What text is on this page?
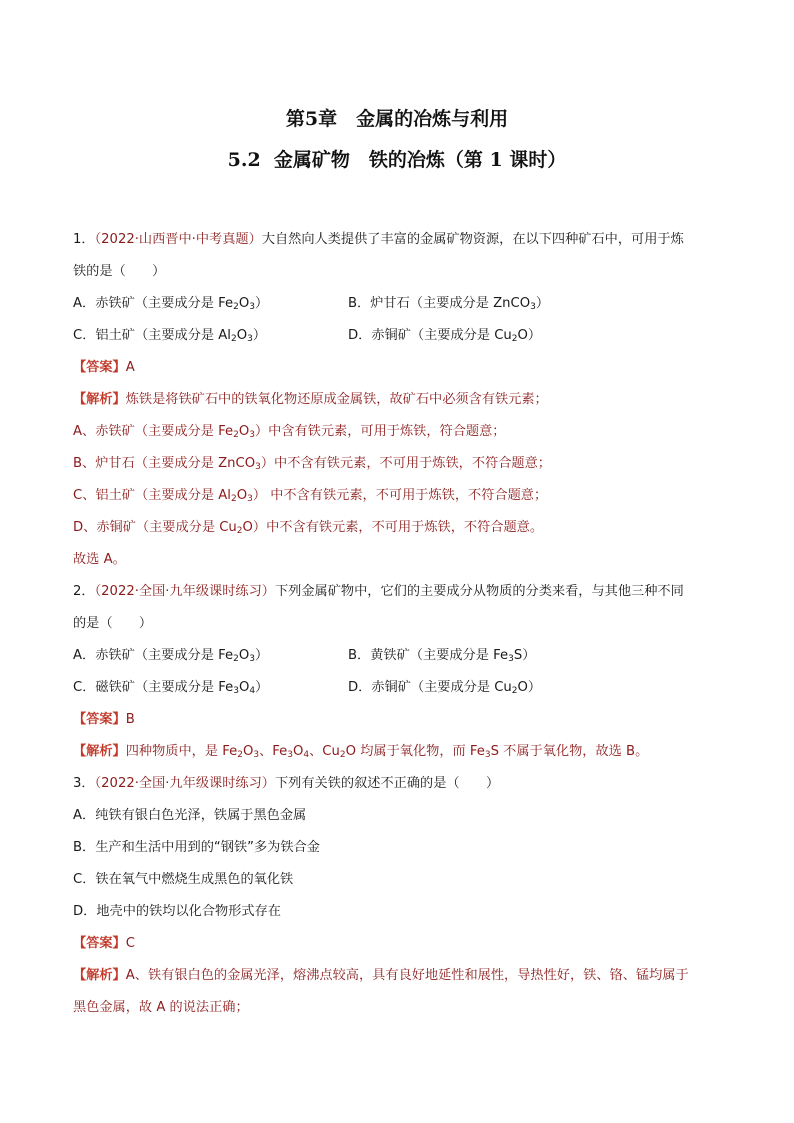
第5章　金属的冶炼与利用
5.2  金属矿物　铁的冶炼（第 1 课时）
1．（2022·山西晋中·中考真题）大自然向人类提供了丰富的金属矿物资源，在以下四种矿石中，可用于炼
铁的是（　　）
A．赤铁矿（主要成分是 $Fe_2O_3$）	B．炉甘石（主要成分是 ZnCO$_3$）
C．铝土矿（主要成分是 $Al_2O_3$）	D．赤铜矿（主要成分是 $Cu_2O$）
【答案】A
【解析】炼铁是将铁矿石中的铁氧化物还原成金属铁，故矿石中必须含有铁元素；
A、赤铁矿（主要成分是 $Fe_2O_3$）中含有铁元素，可用于炼铁，符合题意；
B、炉甘石（主要成分是 ZnCO$_3$）中不含有铁元素，不可用于炼铁，不符合题意；
C、铝土矿（主要成分是 $Al_2O_3$） 中不含有铁元素，不可用于炼铁，不符合题意；
D、赤铜矿（主要成分是 $Cu_2O$）中不含有铁元素，不可用于炼铁，不符合题意。
故选 A。
2．（2022·全国·九年级课时练习）下列金属矿物中，它们的主要成分从物质的分类来看，与其他三种不同
的是（　　）
A．赤铁矿（主要成分是 $Fe_2O_3$）	B．黄铁矿（主要成分是 $Fe_3S$）
C．磁铁矿（主要成分是 $Fe_3O_4$）	D．赤铜矿（主要成分是 $Cu_2O$）
【答案】B
【解析】四种物质中，是 $Fe_2O_3$、$Fe_3O_4$、$Cu_2O$ 均属于氧化物，而 $Fe_3S$ 不属于氧化物，故选 B。
3．（2022·全国·九年级课时练习）下列有关铁的叙述不正确的是（　　）
A．纯铁有银白色光泽，铁属于黑色金属
B．生产和生活中用到的“钢铁”多为铁合金
C．铁在氧气中燃烧生成黑色的氧化铁
D．地壳中的铁均以化合物形式存在
【答案】C
【解析】A、铁有银白色的金属光泽，熔沸点较高，具有良好地延性和展性，导热性好，铁、铬、锰均属于
黑色金属，故 A 的说法正确；
